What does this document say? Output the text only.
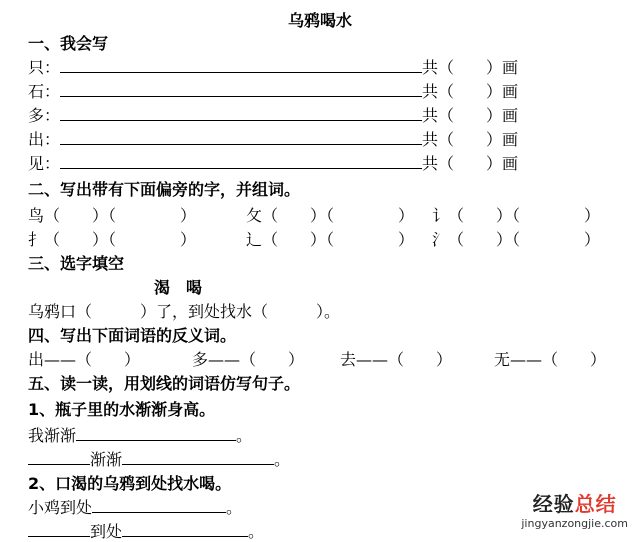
乌鸦喝水
一、我会写
只：	共（　　）画
石：	共（　　）画
多：	共（　　）画
出：	共（　　）画
见：	共（　　）画
二、写出带有下面偏旁的字，并组词。
鸟（　　）（　　　　）	攵（　　）（　　　　） 讠（　　）（　　　　）
扌（　　）（　　　　）	辶（　　）（　　　　） 氵（　　）（　　　　）
三、选字填空
渴　喝
乌鸦口（　　　）了，到处找水（　　　）。
四、写出下面词语的反义词。
出——（　　）	多——（　　） 去——（　　）	无——（　　）
五、读一读，用划线的词语仿写句子。
1、瓶子里的水渐渐身高。
我渐渐	。
渐渐	。
2、口渴的乌鸦到处找水喝。
小鸡到处	。
到处	。
经验总结
jingyanzongjie.com
